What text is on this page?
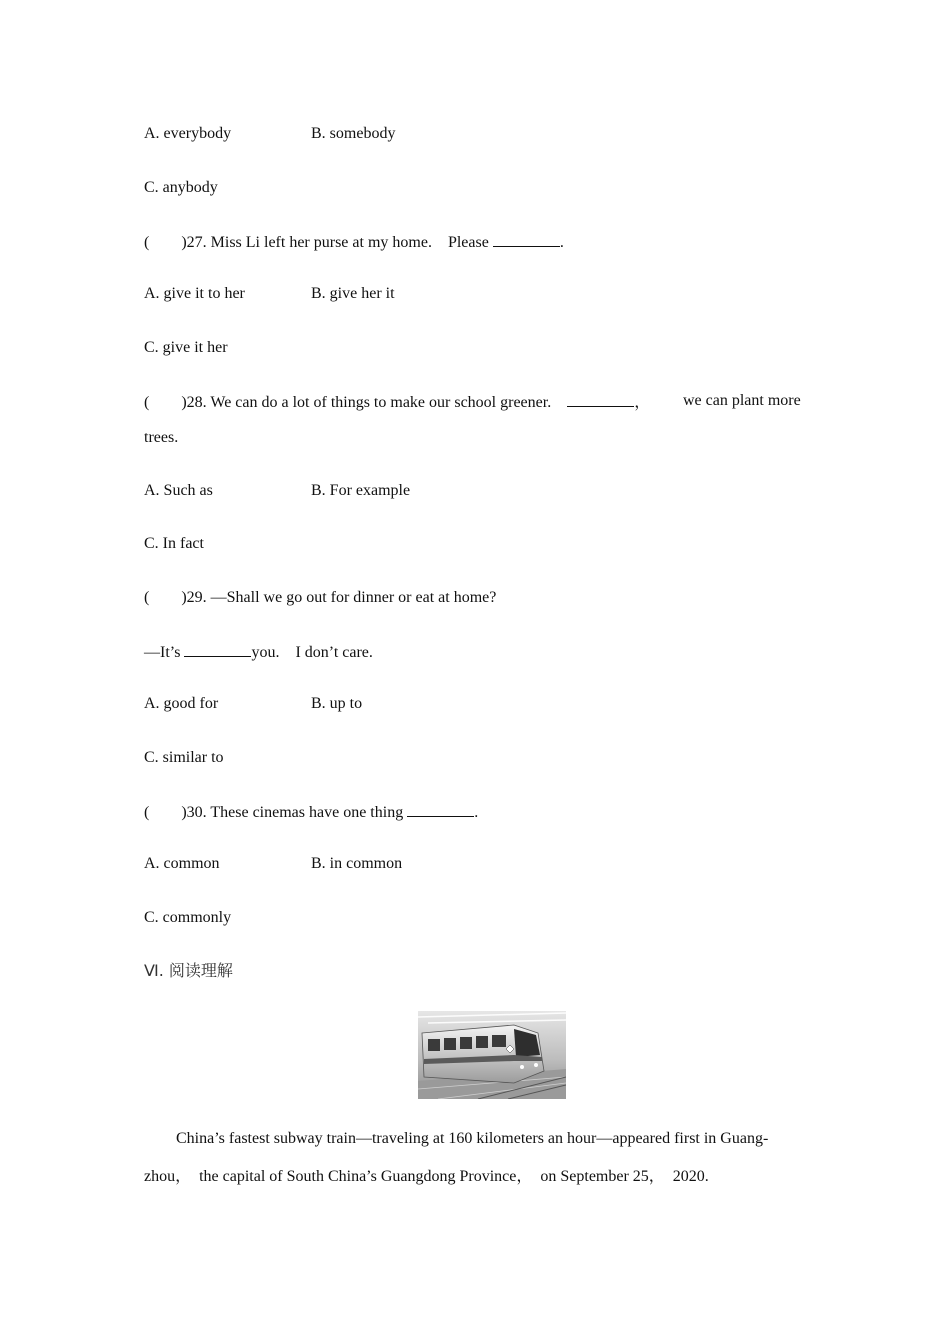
A. everybody	B. somebody
C. anybody
(        )27. Miss Li left her purse at my home.    Please	.
A. give it to her	B. give her it
C. give it her
(        )28. We can do a lot of things to make our school greener.	， we can plant more
trees.
A. Such as	B. For example
C. In fact
(        )29. —Shall we go out for dinner or eat at home?
—It’s	you.    I don’t care.
A. good for	B. up to
C. similar to
(        )30. These cinemas have one thing	.
A. common	B. in common
C. commonly
Ⅵ. 阅读理解
China’s fastest subway train—traveling at 160 kilometers an hour—appeared first in Guang-
zhou，  the capital of South China’s Guangdong Province，  on September 25，  2020.
